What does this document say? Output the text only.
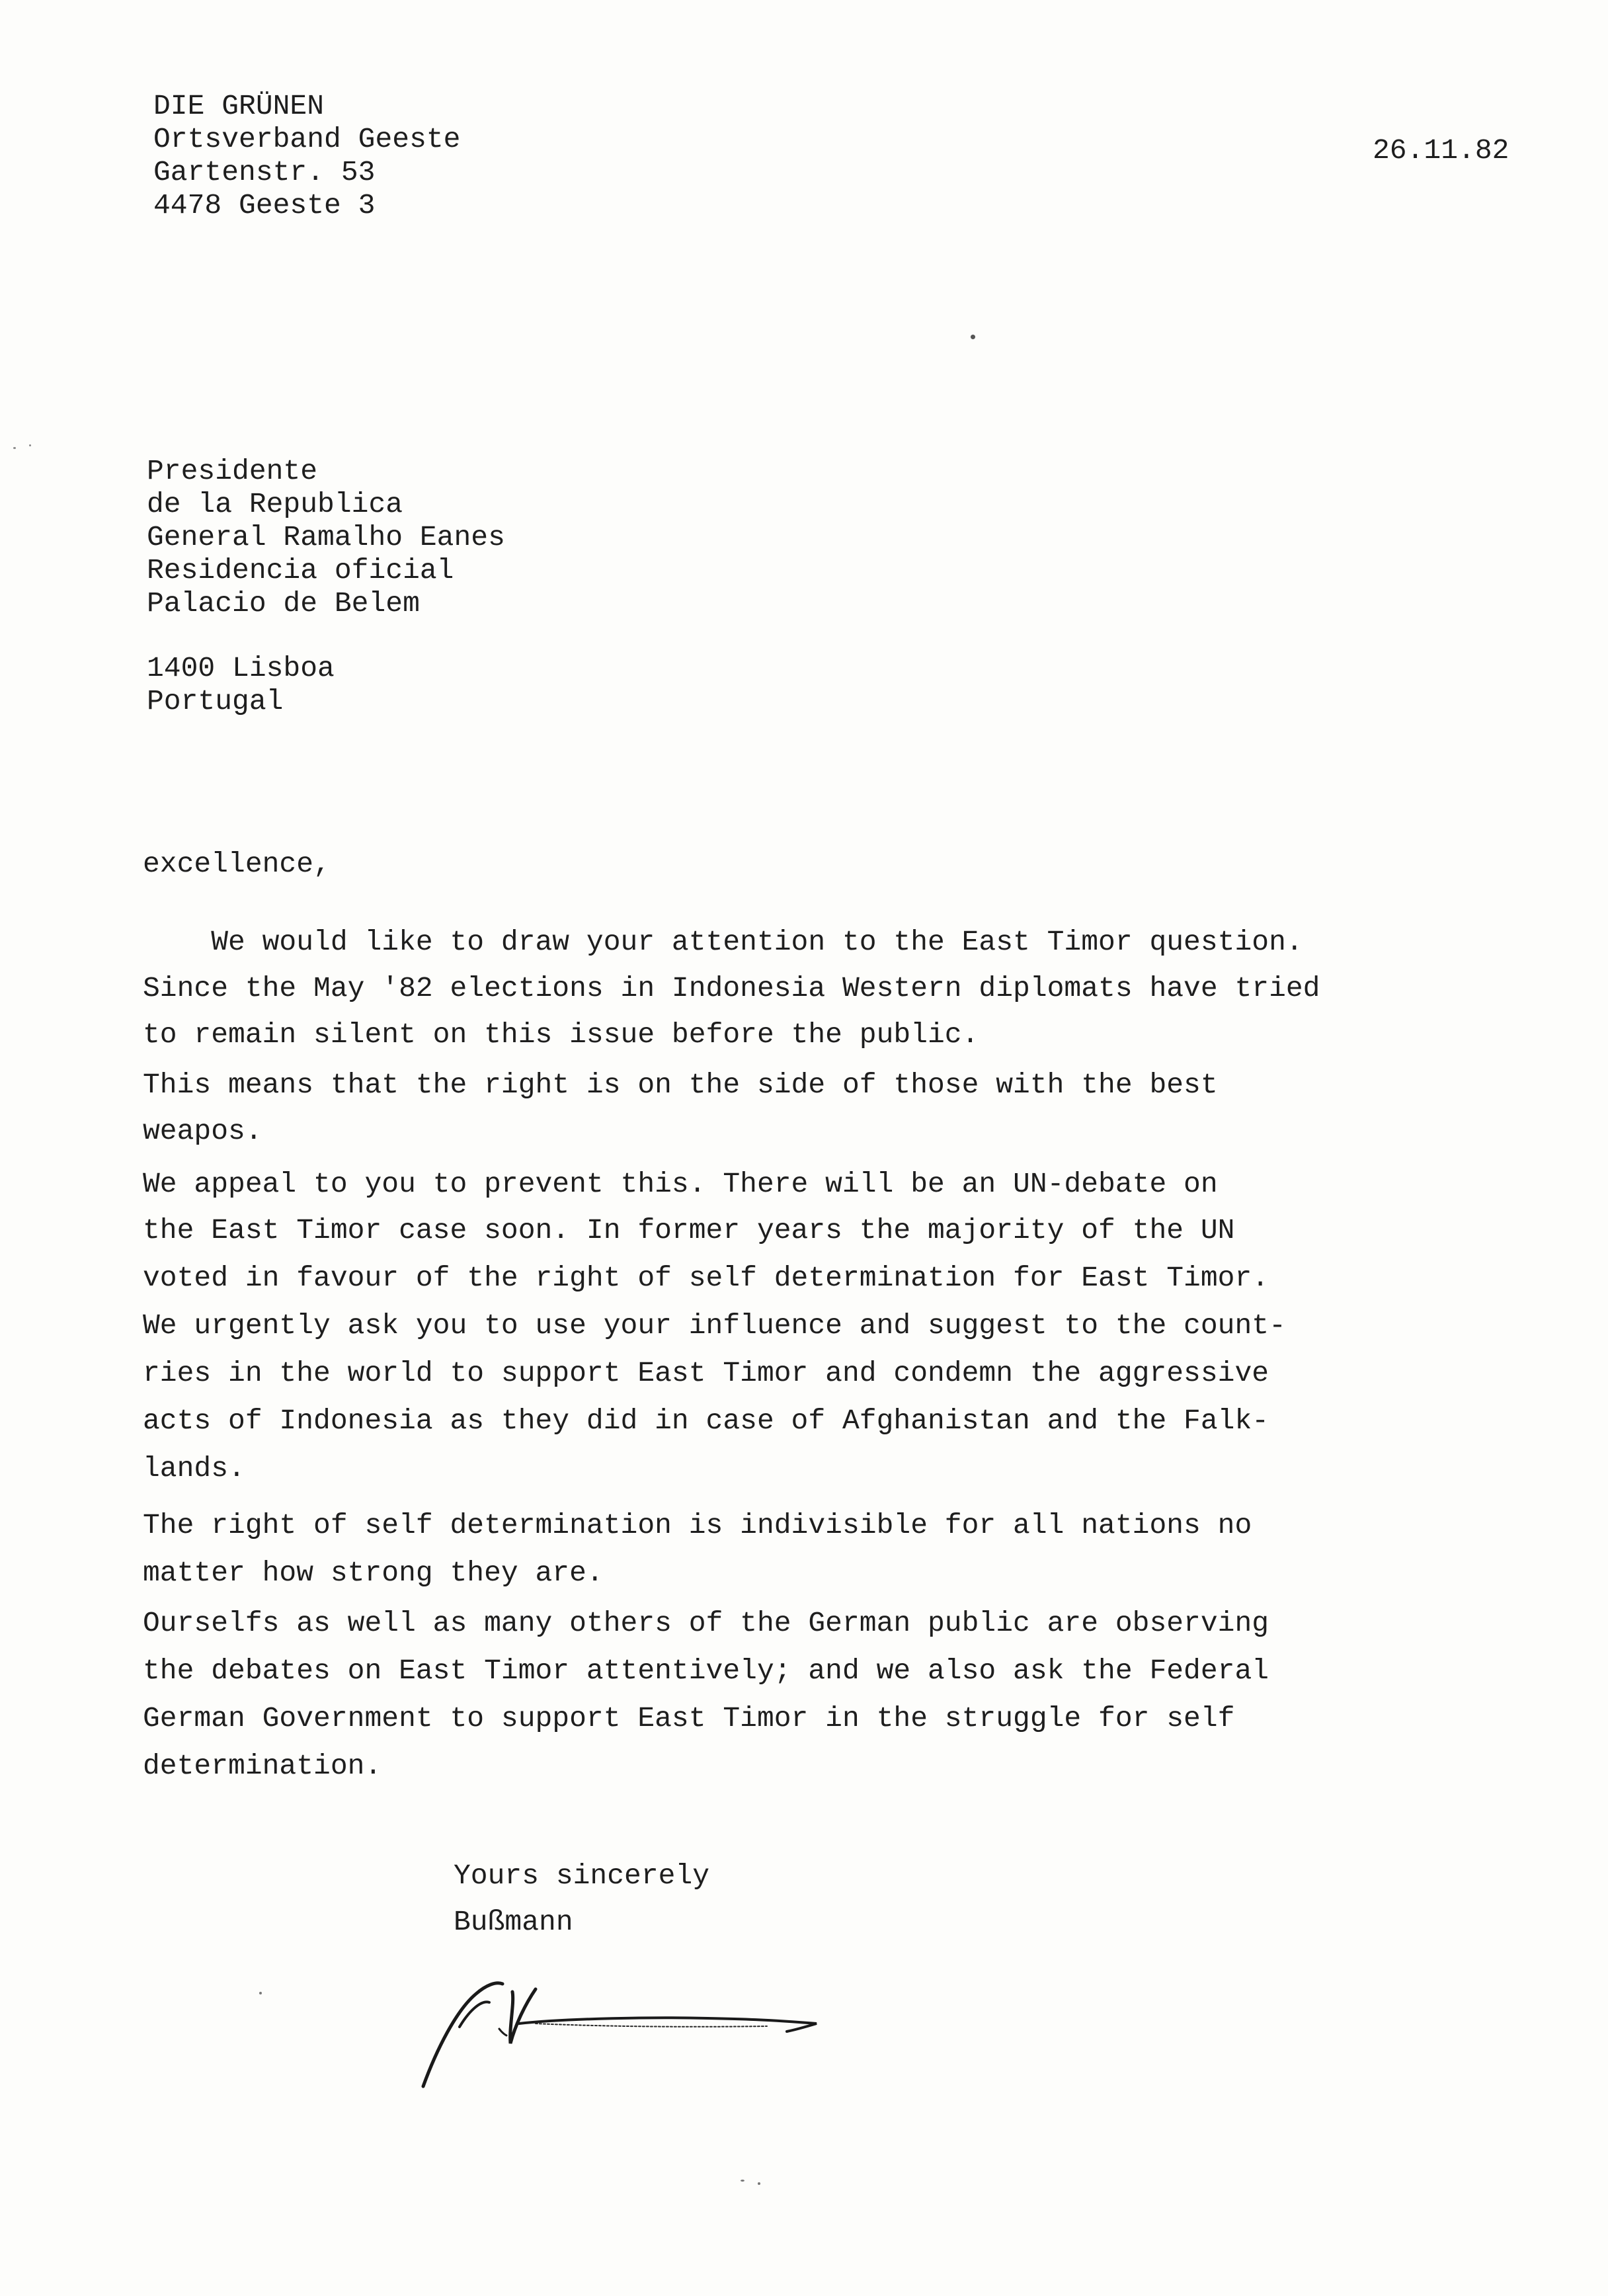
DIE GRÜNEN

Ortsverband Geeste

Gartenstr. 53

4478 Geeste 3

26.11.82

Presidente

de la Republica

General Ramalho Eanes

Residencia oficial

Palacio de Belem

1400 Lisboa

Portugal

excellence,

We would like to draw your attention to the East Timor question.

Since the May '82 elections in Indonesia Western diplomats have tried

to remain silent on this issue before the public.

This means that the right is on the side of those with the best

weapos.

We appeal to you to prevent this. There will be an UN-debate on

the East Timor case soon. In former years the majority of the UN

voted in favour of the right of self determination for East Timor.

We urgently ask you to use your influence and suggest to the count-

ries in the world to support East Timor and condemn the aggressive

acts of Indonesia as they did in case of Afghanistan and the Falk-

lands.

The right of self determination is indivisible for all nations no

matter how strong they are.

Ourselfs as well as many others of the German public are observing

the debates on East Timor attentively; and we also ask the Federal

German Government to support East Timor in the struggle for self

determination.

Yours sincerely

Bußmann
